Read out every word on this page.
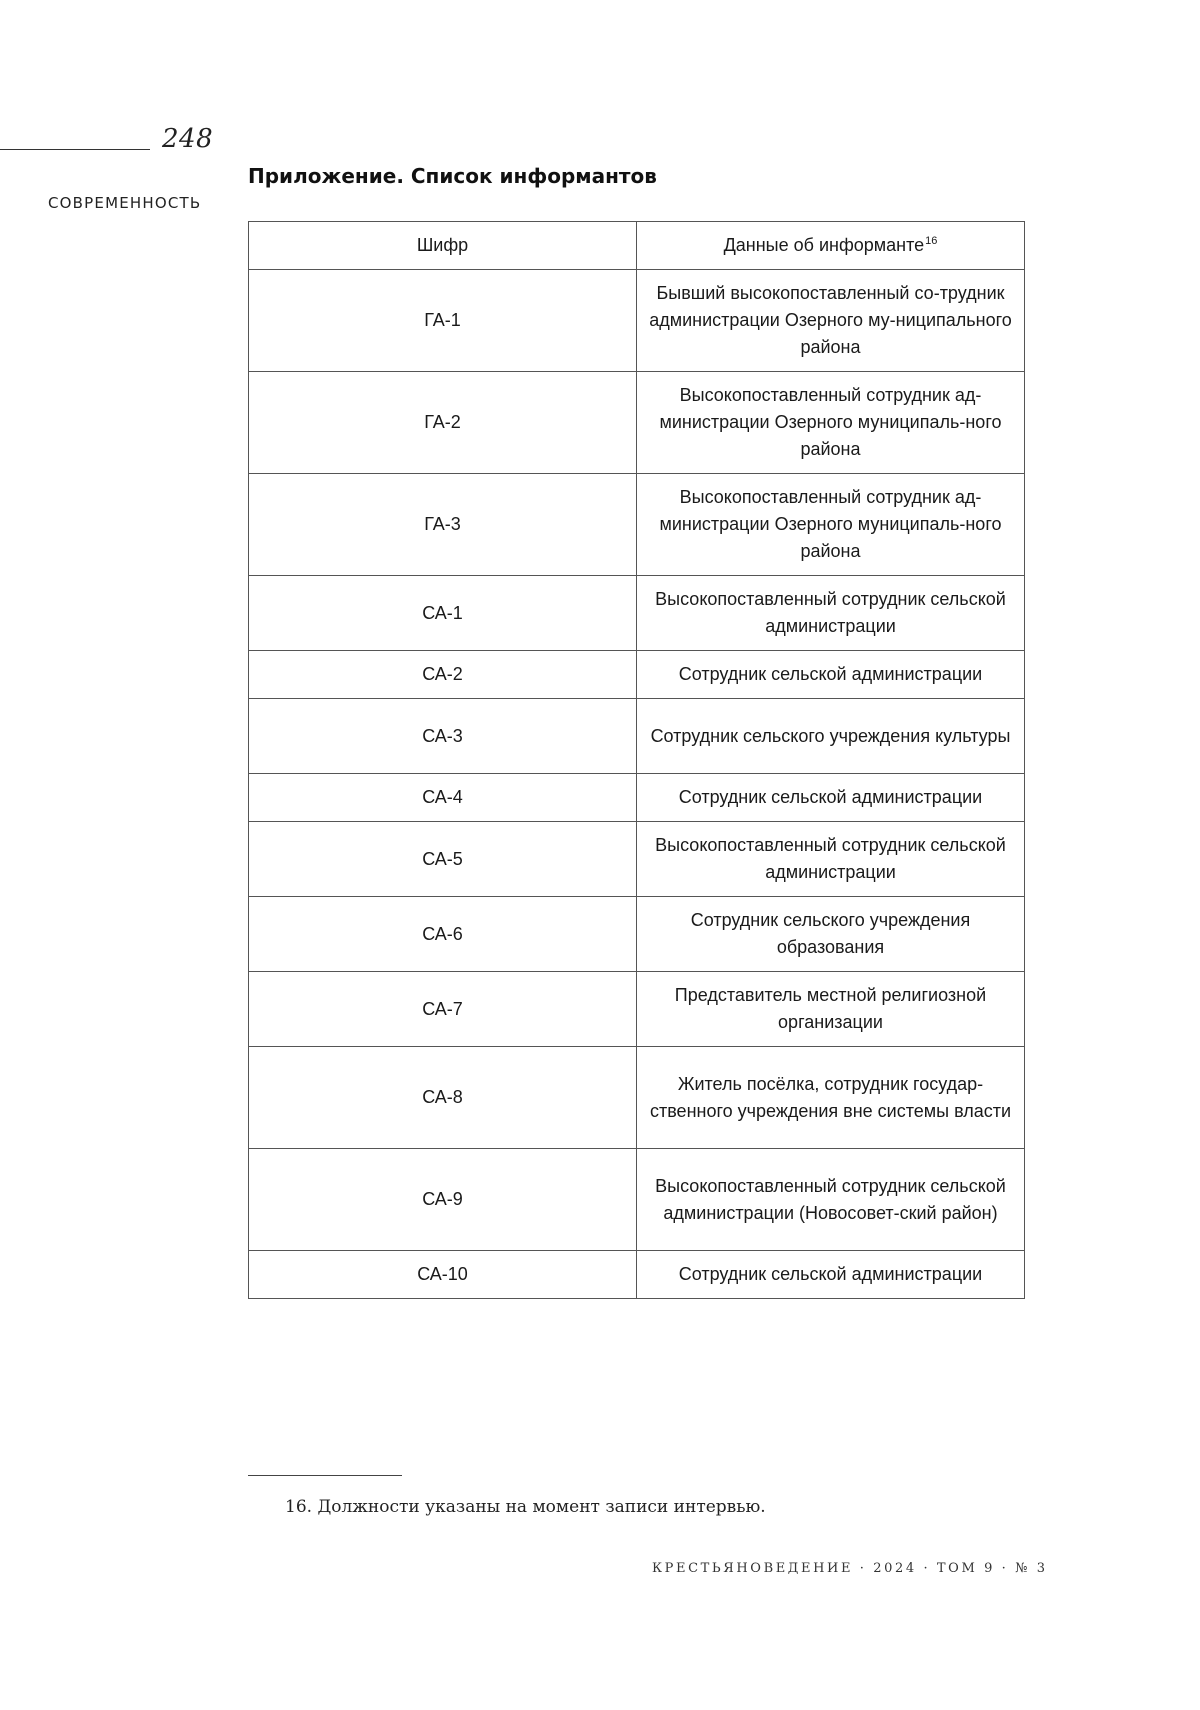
248
СОВРЕМЕННОСТЬ
Приложение. Список информантов
Шифр	Данные об информанте16
ГА-1	Бывший высокопоставленный со-трудник администрации Озерного му-ниципального района
ГА-2	Высокопоставленный сотрудник ад-министрации Озерного муниципаль-ного района
ГА-3	Высокопоставленный сотрудник ад-министрации Озерного муниципаль-ного района
СА-1	Высокопоставленный сотрудник сельской администрации
СА-2	Сотрудник сельской администрации
СА-3	Сотрудник сельского учреждения культуры
СА-4	Сотрудник сельской администрации
СА-5	Высокопоставленный сотрудник сельской администрации
СА-6	Сотрудник сельского учреждения образования
СА-7	Представитель местной религиозной организации
СА-8	Житель посёлка, сотрудник государ-ственного учреждения вне системы власти
СА-9	Высокопоставленный сотрудник сельской администрации (Новосовет-ский район)
СА-10	Сотрудник сельской администрации
16. Должности указаны на момент записи интервью.
КРЕСТЬЯНОВЕДЕНИЕ · 2024 · ТОМ 9 · № 3
